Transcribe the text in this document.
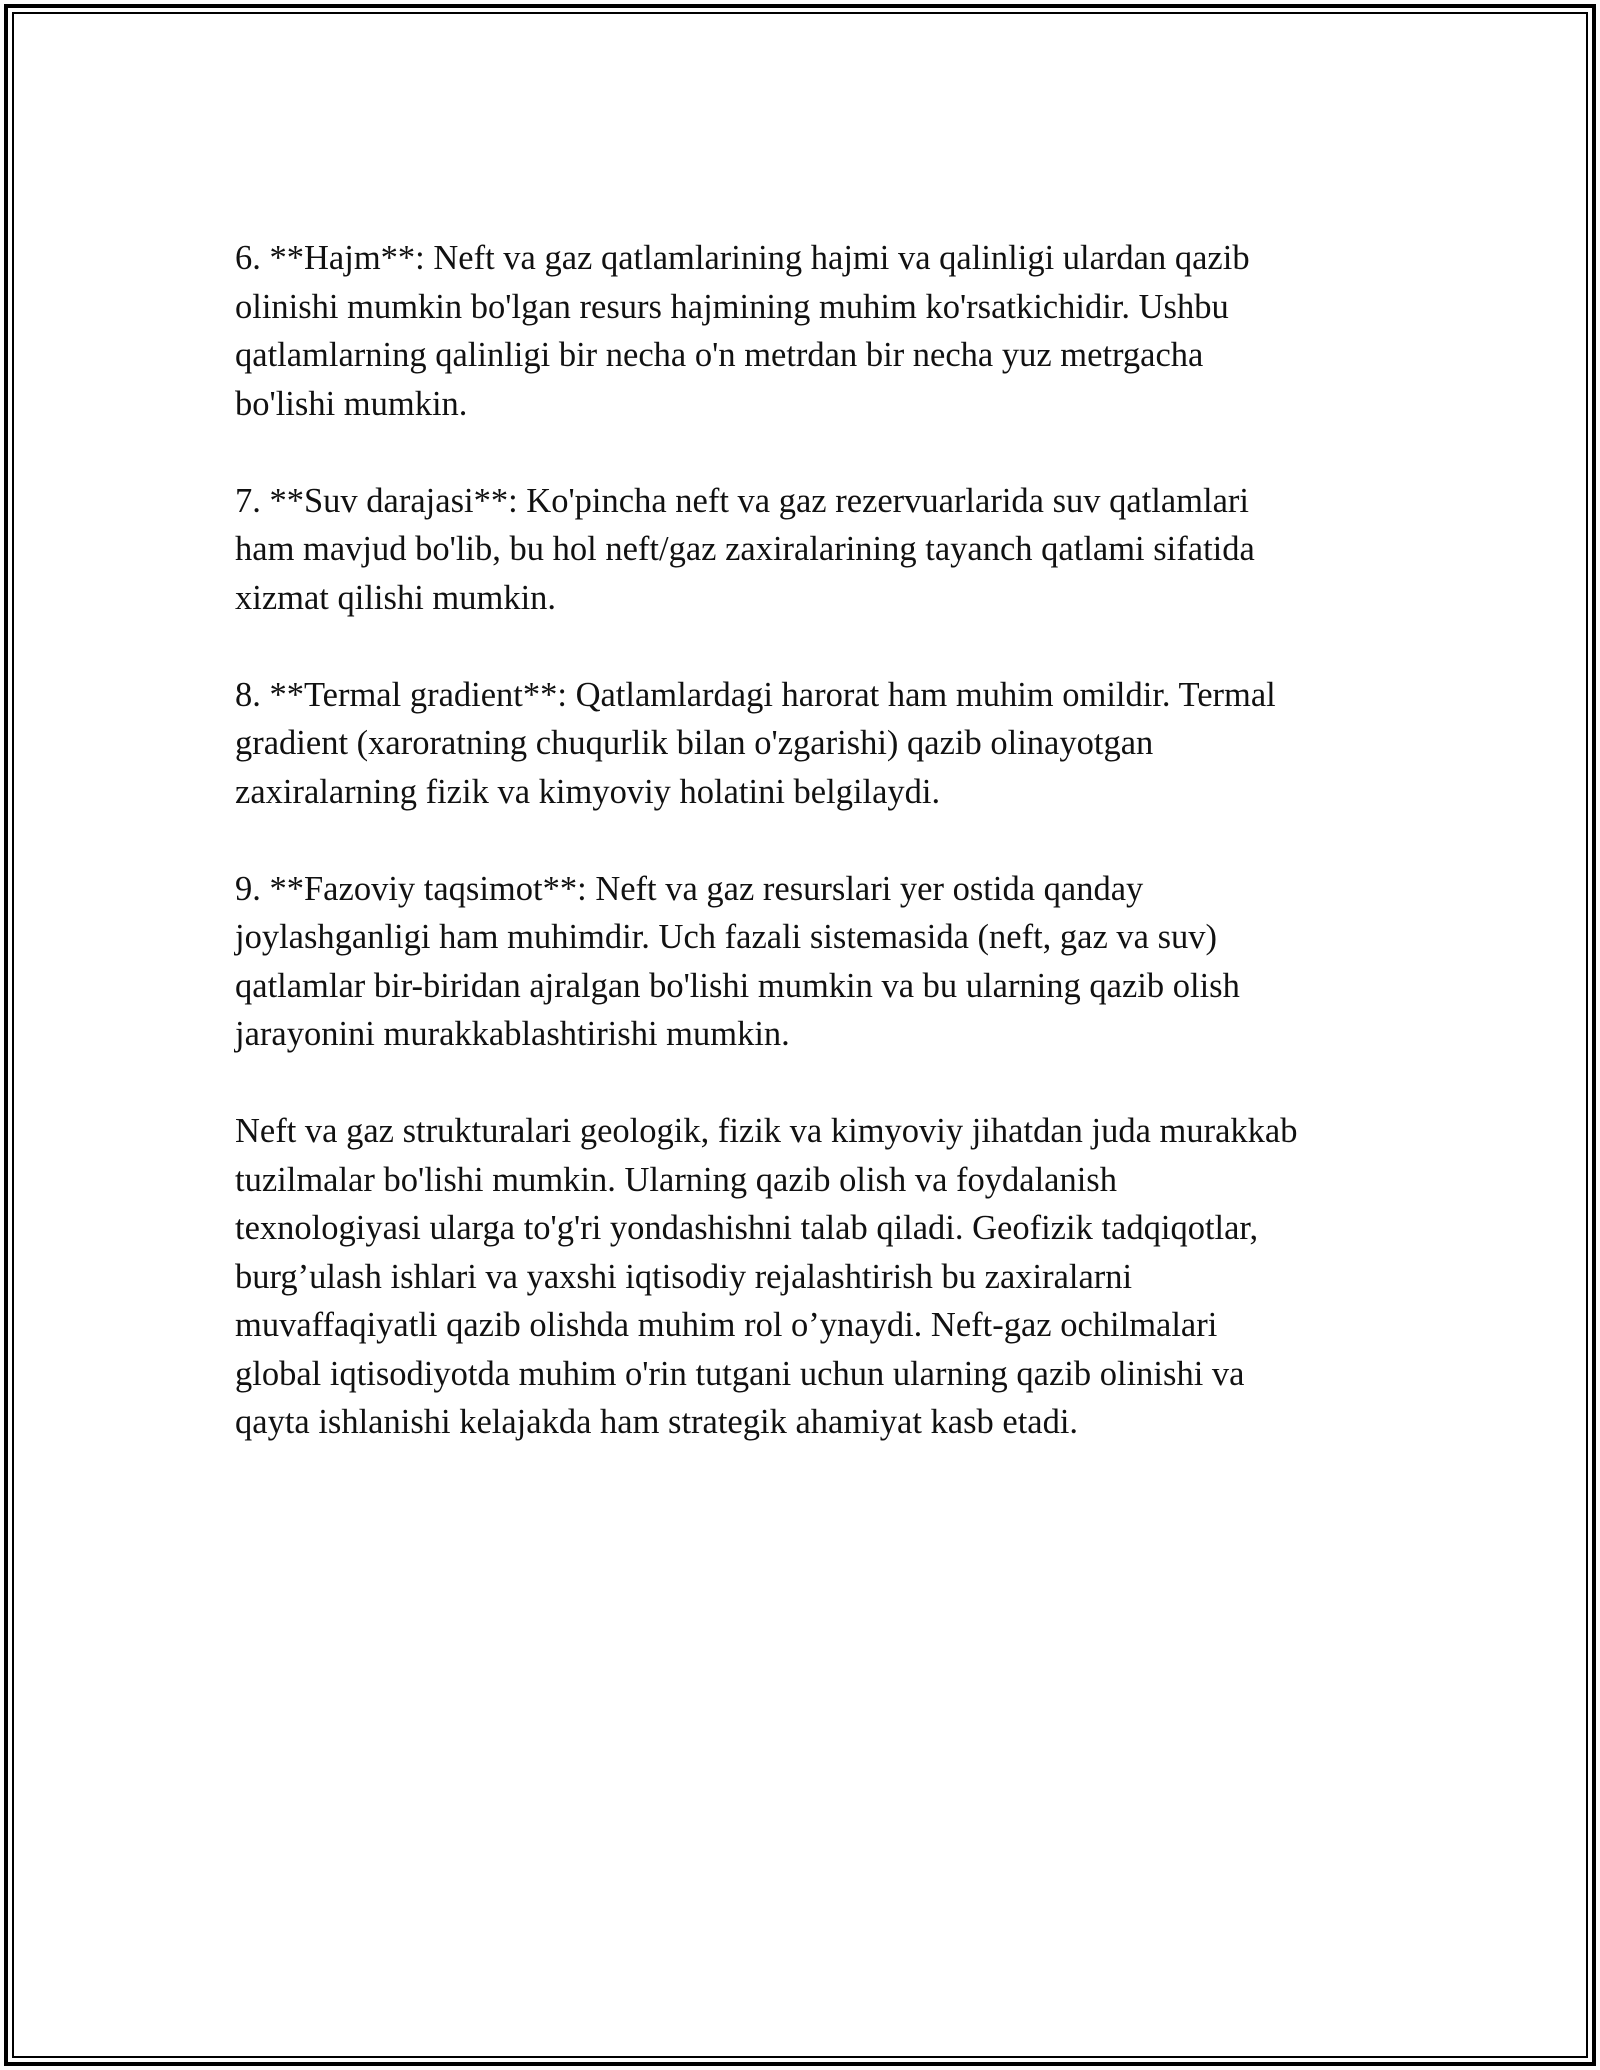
6. **Hajm**: Neft va gaz qatlamlarining hajmi va qalinligi ulardan qazib
olinishi mumkin bo'lgan resurs hajmining muhim ko'rsatkichidir. Ushbu
qatlamlarning qalinligi bir necha o'n metrdan bir necha yuz metrgacha
bo'lishi mumkin.

7. **Suv darajasi**: Ko'pincha neft va gaz rezervuarlarida suv qatlamlari
ham mavjud bo'lib, bu hol neft/gaz zaxiralarining tayanch qatlami sifatida
xizmat qilishi mumkin.

8. **Termal gradient**: Qatlamlardagi harorat ham muhim omildir. Termal
gradient (xaroratning chuqurlik bilan o'zgarishi) qazib olinayotgan
zaxiralarning fizik va kimyoviy holatini belgilaydi.

9. **Fazoviy taqsimot**: Neft va gaz resurslari yer ostida qanday
joylashganligi ham muhimdir. Uch fazali sistemasida (neft, gaz va suv)
qatlamlar bir-biridan ajralgan bo'lishi mumkin va bu ularning qazib olish
jarayonini murakkablashtirishi mumkin.

Neft va gaz strukturalari geologik, fizik va kimyoviy jihatdan juda murakkab
tuzilmalar bo'lishi mumkin. Ularning qazib olish va foydalanish
texnologiyasi ularga to'g'ri yondashishni talab qiladi. Geofizik tadqiqotlar,
burg’ulash ishlari va yaxshi iqtisodiy rejalashtirish bu zaxiralarni
muvaffaqiyatli qazib olishda muhim rol o’ynaydi. Neft-gaz ochilmalari
global iqtisodiyotda muhim o'rin tutgani uchun ularning qazib olinishi va
qayta ishlanishi kelajakda ham strategik ahamiyat kasb etadi.
